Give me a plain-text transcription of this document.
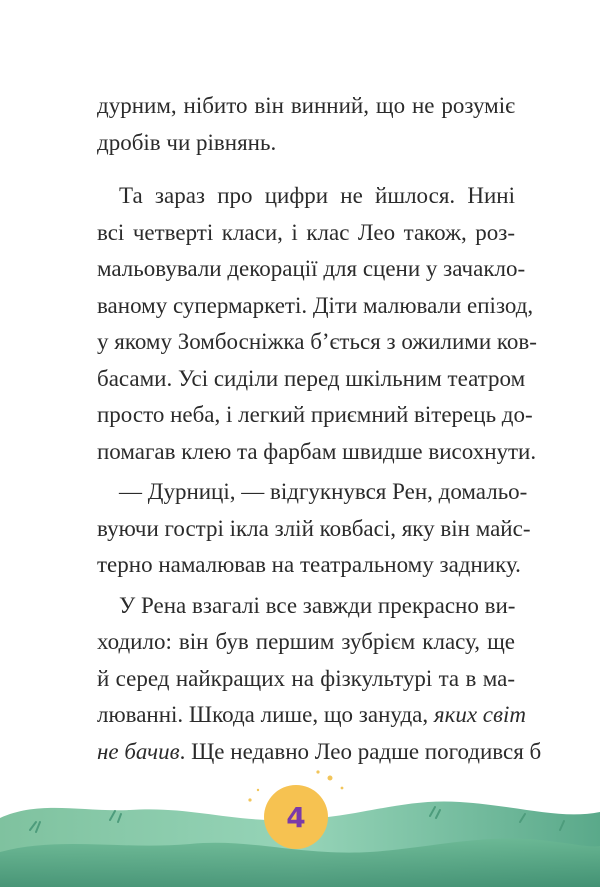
дурним, нібито він винний, що не розуміє
дробів чи рівнянь.
Та зараз про цифри не йшлося. Нині
всі четверті класи, і клас Лео також, роз-
мальовували декорації для сцени у зачакло-
ваному супермаркеті. Діти малювали епізод,
у якому Зомбосніжка б’ється з ожилими ков-
басами. Усі сиділи перед шкільним театром
просто неба, і легкий приємний вітерець до-
помагав клею та фарбам швидше висохнути.
— Дурниці, — відгукнувся Рен, домальо-
вуючи гострі ікла злій ковбасі, яку він майс-
терно намалював на театральному заднику.
У Рена взагалі все завжди прекрасно ви-
ходило: він був першим зубрієм класу, ще
й серед найкращих на фізкультурі та в ма-
люванні. Шкода лише, що зануда, яких світ
не бачив. Ще недавно Лео радше погодився б
4
